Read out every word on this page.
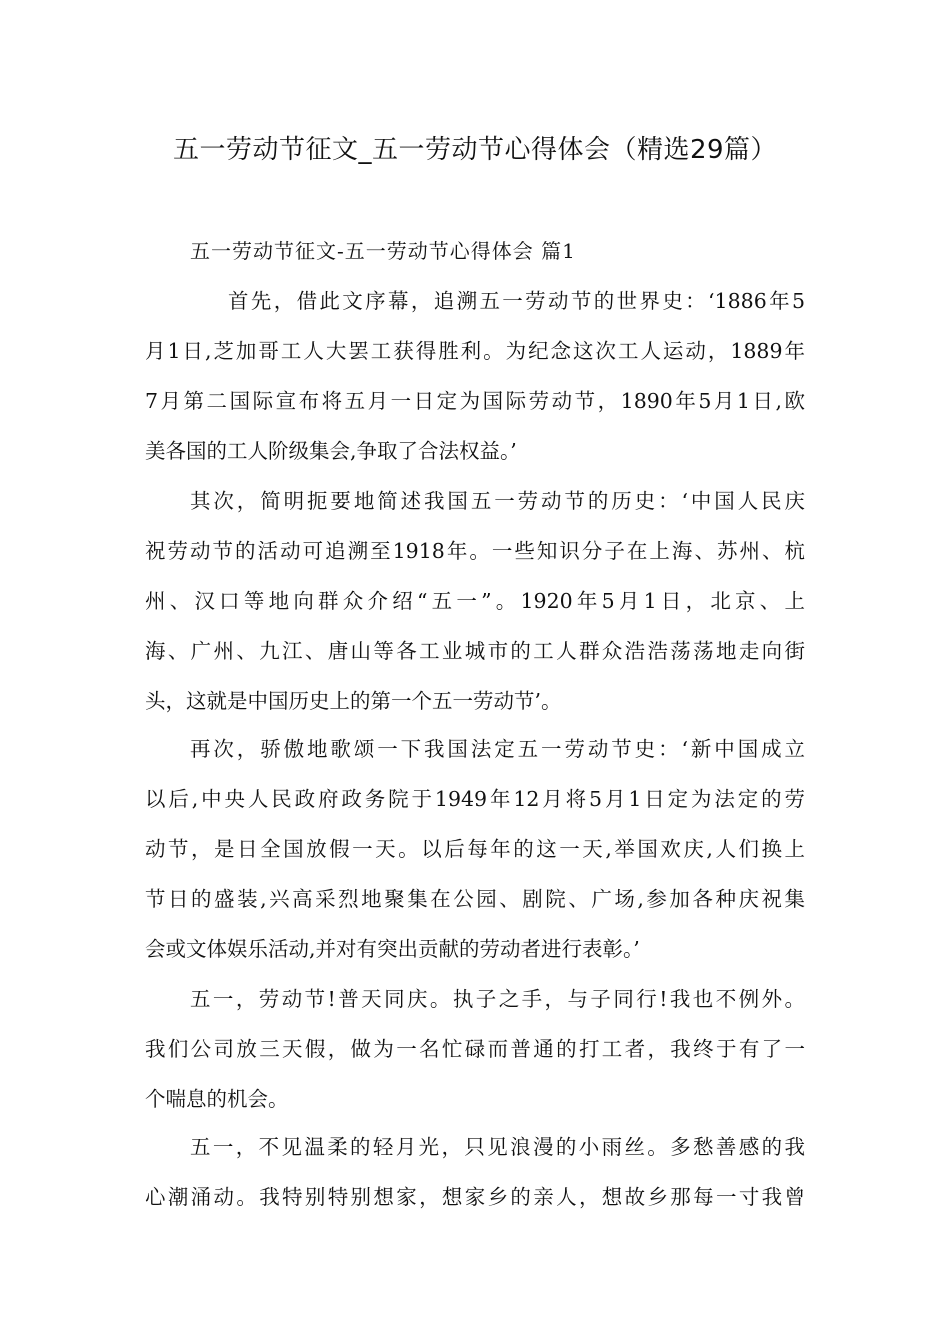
五一劳动节征文_五一劳动节心得体会（精选29篇）
五一劳动节征文-五一劳动节心得体会 篇1
首先，借此文序幕，追溯五一劳动节的世界史：‘1886年5
月1日,芝加哥工人大罢工获得胜利。为纪念这次工人运动，1889年
7月第二国际宣布将五月一日定为国际劳动节，1890年5月1日,欧
美各国的工人阶级集会,争取了合法权益。’
其次，简明扼要地简述我国五一劳动节的历史：‘中国人民庆
祝劳动节的活动可追溯至1918年。一些知识分子在上海、苏州、杭
州、汉口等地向群众介绍“五一”。1920年5月1日，北京、上
海、广州、九江、唐山等各工业城市的工人群众浩浩荡荡地走向街
头，这就是中国历史上的第一个五一劳动节’。
再次，骄傲地歌颂一下我国法定五一劳动节史：‘新中国成立
以后,中央人民政府政务院于1949年12月将5月1日定为法定的劳
动节，是日全国放假一天。以后每年的这一天,举国欢庆,人们换上
节日的盛装,兴高采烈地聚集在公园、剧院、广场,参加各种庆祝集
会或文体娱乐活动,并对有突出贡献的劳动者进行表彰。’
五一，劳动节!普天同庆。执子之手，与子同行!我也不例外。
我们公司放三天假，做为一名忙碌而普通的打工者，我终于有了一
个喘息的机会。
五一，不见温柔的轻月光，只见浪漫的小雨丝。多愁善感的我
心潮涌动。我特别特别想家，想家乡的亲人，想故乡那每一寸我曾
